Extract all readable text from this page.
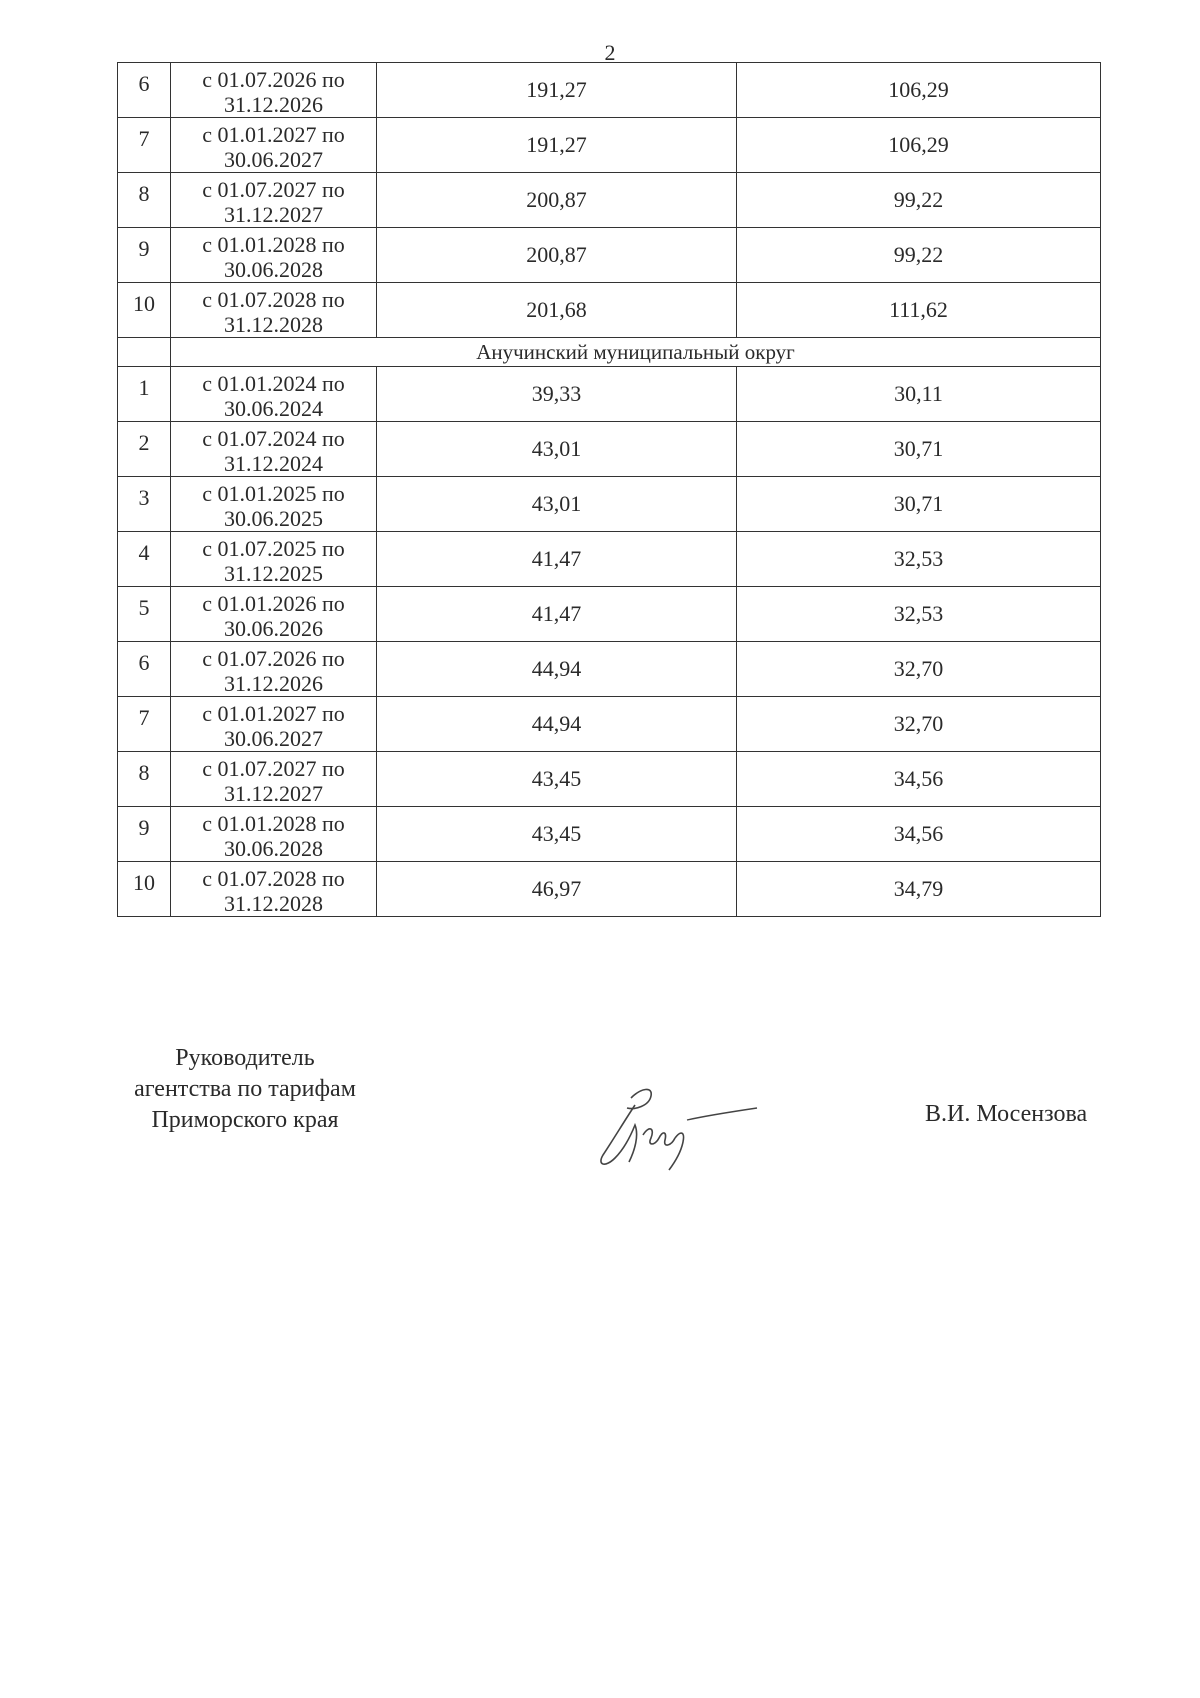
2
6	с 01.07.2026 по
31.12.2026	191,27	106,29
7	с 01.01.2027 по
30.06.2027	191,27	106,29
8	с 01.07.2027 по
31.12.2027	200,87	99,22
9	с 01.01.2028 по
30.06.2028	200,87	99,22
10	с 01.07.2028 по
31.12.2028	201,68	111,62
	Анучинский муниципальный округ		
1	с 01.01.2024 по
30.06.2024	39,33	30,11
2	с 01.07.2024 по
31.12.2024	43,01	30,71
3	с 01.01.2025 по
30.06.2025	43,01	30,71
4	с 01.07.2025 по
31.12.2025	41,47	32,53
5	с 01.01.2026 по
30.06.2026	41,47	32,53
6	с 01.07.2026 по
31.12.2026	44,94	32,70
7	с 01.01.2027 по
30.06.2027	44,94	32,70
8	с 01.07.2027 по
31.12.2027	43,45	34,56
9	с 01.01.2028 по
30.06.2028	43,45	34,56
10	с 01.07.2028 по
31.12.2028	46,97	34,79
Руководитель
агентства по тарифам
Приморского края	В.И. Мосензова
